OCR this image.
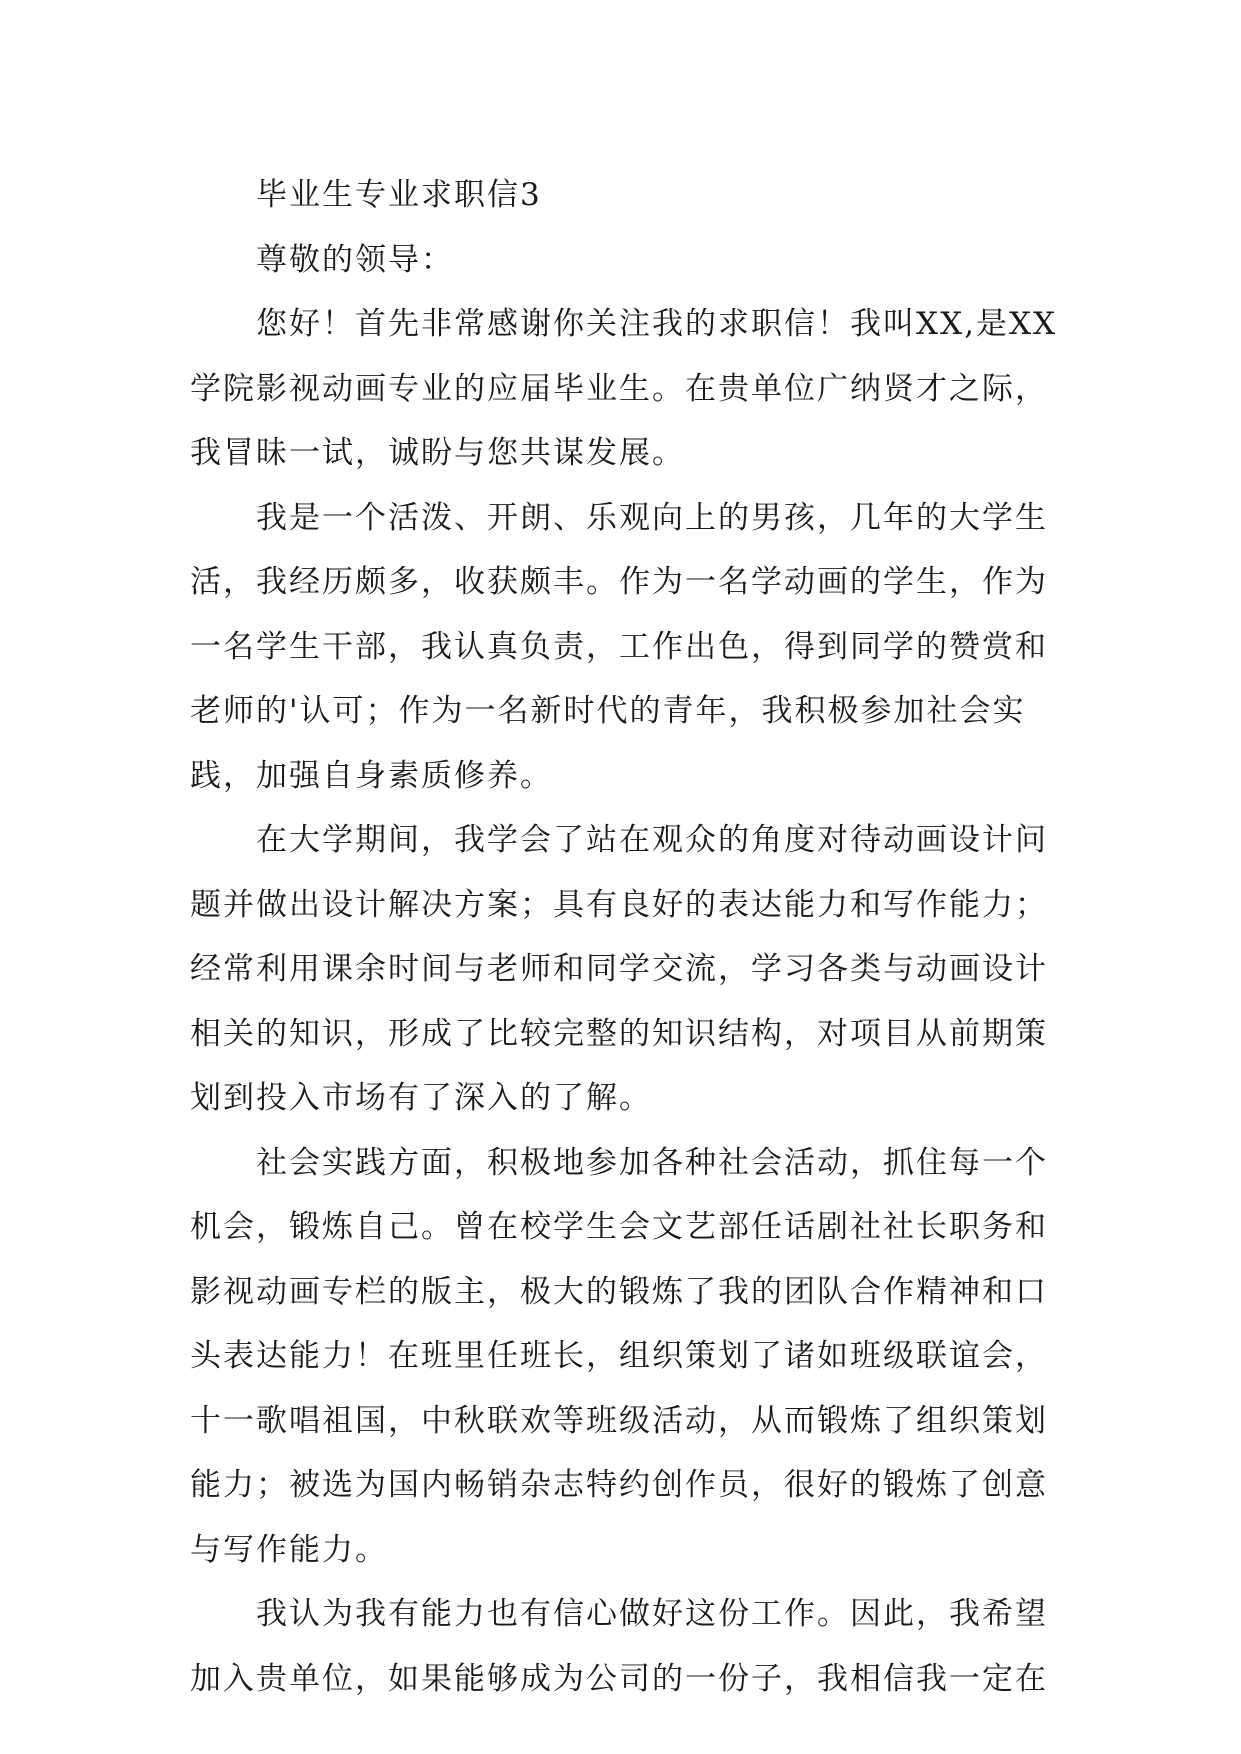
毕业生专业求职信3
尊敬的领导：
您好！首先非常感谢你关注我的求职信！我叫XX,是XX
学院影视动画专业的应届毕业生。在贵单位广纳贤才之际，
我冒昧一试，诚盼与您共谋发展。
我是一个活泼、开朗、乐观向上的男孩，几年的大学生
活，我经历颇多，收获颇丰。作为一名学动画的学生，作为
一名学生干部，我认真负责，工作出色，得到同学的赞赏和
老师的'认可；作为一名新时代的青年，我积极参加社会实
践，加强自身素质修养。
在大学期间，我学会了站在观众的角度对待动画设计问
题并做出设计解决方案；具有良好的表达能力和写作能力；
经常利用课余时间与老师和同学交流，学习各类与动画设计
相关的知识，形成了比较完整的知识结构，对项目从前期策
划到投入市场有了深入的了解。
社会实践方面，积极地参加各种社会活动，抓住每一个
机会，锻炼自己。曾在校学生会文艺部任话剧社社长职务和
影视动画专栏的版主，极大的锻炼了我的团队合作精神和口
头表达能力！在班里任班长，组织策划了诸如班级联谊会，
十一歌唱祖国，中秋联欢等班级活动，从而锻炼了组织策划
能力；被选为国内畅销杂志特约创作员，很好的锻炼了创意
与写作能力。
我认为我有能力也有信心做好这份工作。因此，我希望
加入贵单位，如果能够成为公司的一份子，我相信我一定在
